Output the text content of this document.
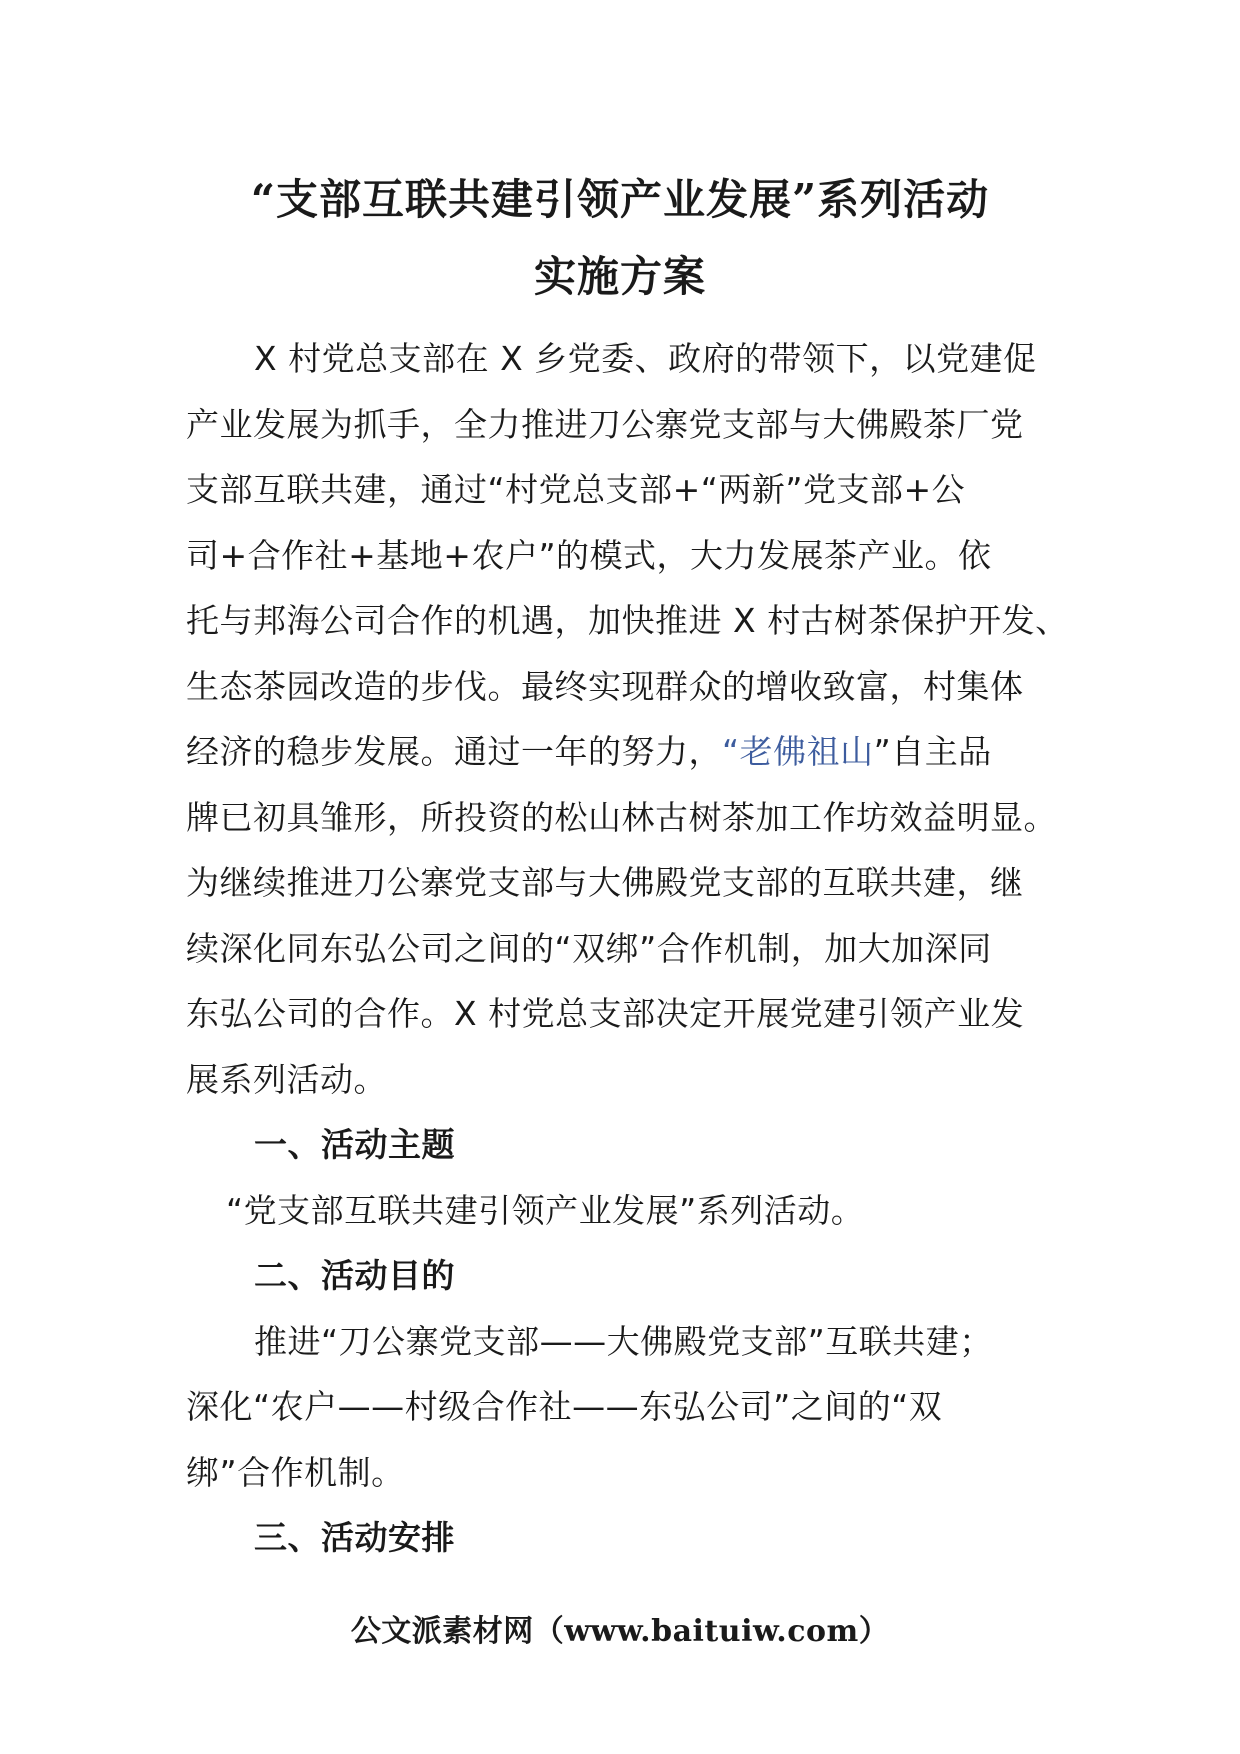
“支部互联共建引领产业发展”系列活动
实施方案

X 村党总支部在 X 乡党委、政府的带领下，以党建促
产业发展为抓手，全力推进刀公寨党支部与大佛殿茶厂党
支部互联共建，通过“村党总支部+“两新”党支部+公
司+合作社+基地+农户”的模式，大力发展茶产业。依
托与邦海公司合作的机遇，加快推进 X 村古树茶保护开发、
生态茶园改造的步伐。最终实现群众的增收致富，村集体
经济的稳步发展。通过一年的努力，“老佛祖山”自主品
牌已初具雏形，所投资的松山林古树茶加工作坊效益明显。
为继续推进刀公寨党支部与大佛殿党支部的互联共建，继
续深化同东弘公司之间的“双绑”合作机制，加大加深同
东弘公司的合作。X 村党总支部决定开展党建引领产业发
展系列活动。

一、活动主题
“党支部互联共建引领产业发展”系列活动。

二、活动目的
推进“刀公寨党支部——大佛殿党支部”互联共建；
深化“农户——村级合作社——东弘公司”之间的“双
绑”合作机制。

三、活动安排

公文派素材网（www.baituiw.com）
